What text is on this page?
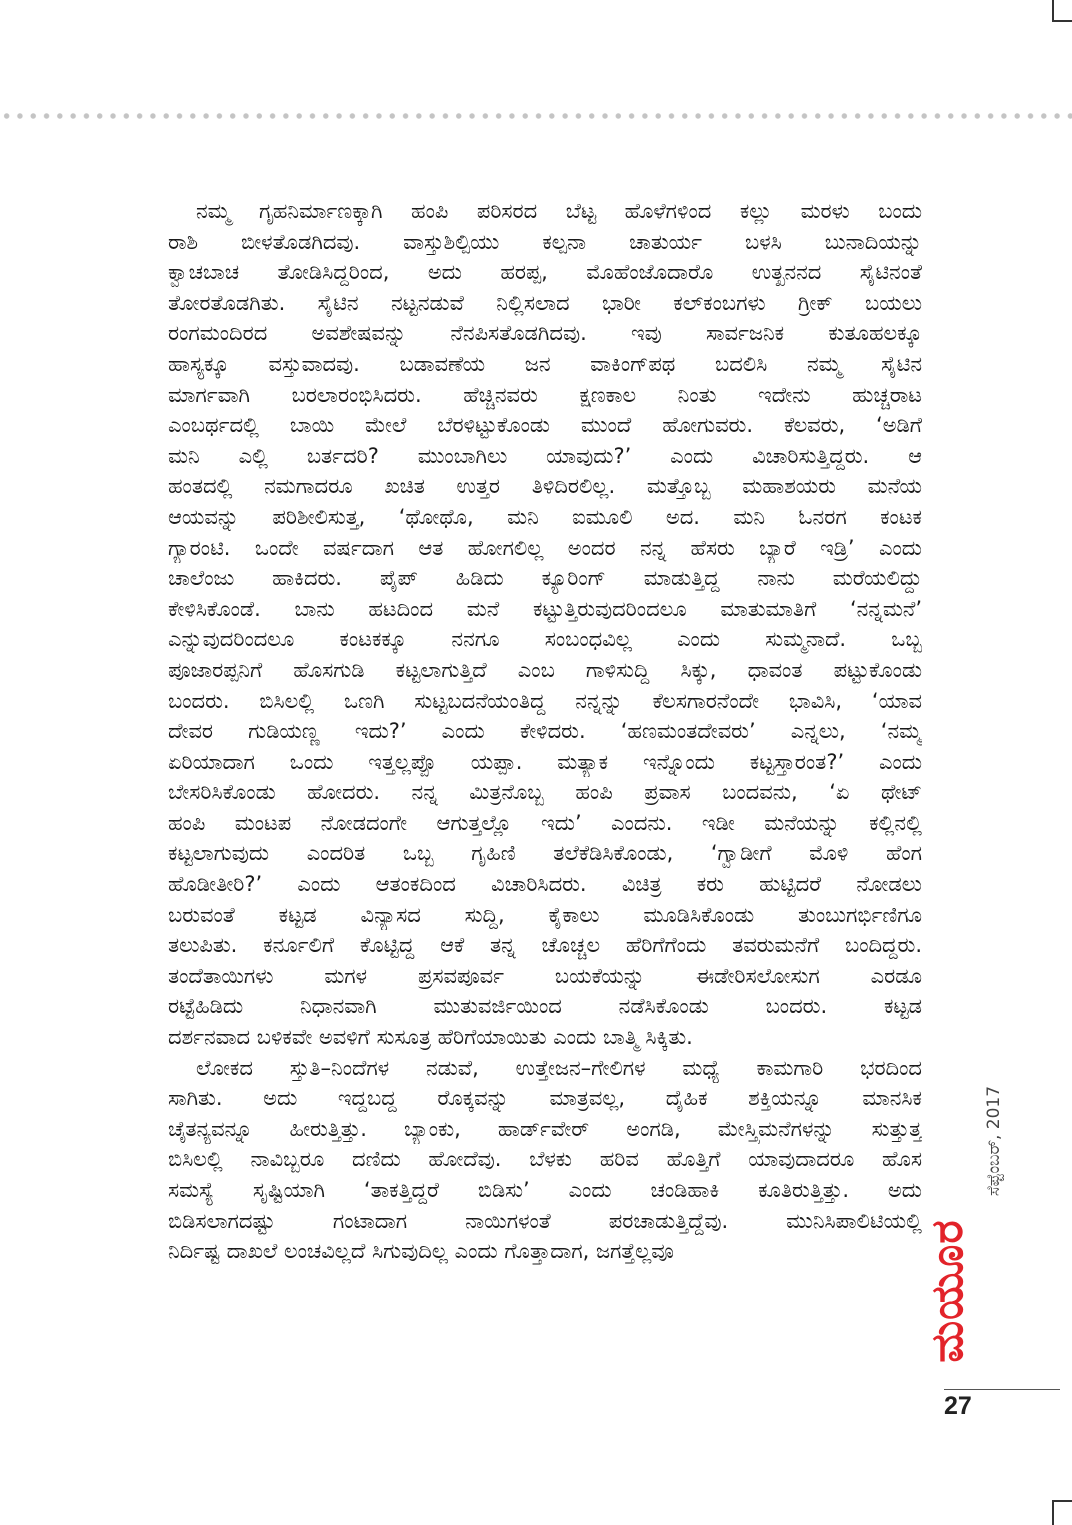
ನಮ್ಮ ಗೃಹನಿರ್ಮಾಣಕ್ಕಾಗಿ ಹಂಪಿ ಪರಿಸರದ ಬೆಟ್ಟ ಹೊಳೆಗಳಿಂದ ಕಲ್ಲು ಮರಳು ಬಂದು
ರಾಶಿ ಬೀಳತೊಡಗಿದವು. ವಾಸ್ತುಶಿಲ್ಪಿಯು ಕಲ್ಪನಾ ಚಾತುರ್ಯ ಬಳಸಿ ಬುನಾದಿಯನ್ನು
ಕ್ವಾಚಬಾಚ ತೋಡಿಸಿದ್ದರಿಂದ, ಅದು ಹರಪ್ಪ, ಮೊಹೆಂಜೊದಾರೊ ಉತ್ಖನನದ ಸೈಟಿನಂತೆ
ತೋರತೊಡಗಿತು. ಸೈಟಿನ ನಟ್ಟನಡುವೆ ನಿಲ್ಲಿಸಲಾದ ಭಾರೀ ಕಲ್‌ಕಂಬಗಳು ಗ್ರೀಕ್ ಬಯಲು
ರಂಗಮಂದಿರದ ಅವಶೇಷವನ್ನು ನೆನಪಿಸತೊಡಗಿದವು. ಇವು ಸಾರ್ವಜನಿಕ ಕುತೂಹಲಕ್ಕೂ
ಹಾಸ್ಯಕ್ಕೂ ವಸ್ತುವಾದವು. ಬಡಾವಣೆಯ ಜನ ವಾಕಿಂಗ್‌ಪಥ ಬದಲಿಸಿ ನಮ್ಮ ಸೈಟಿನ
ಮಾರ್ಗವಾಗಿ ಬರಲಾರಂಭಿಸಿದರು. ಹೆಚ್ಚಿನವರು ಕ್ಷಣಕಾಲ ನಿಂತು ಇದೇನು ಹುಚ್ಚರಾಟ
ಎಂಬರ್ಥದಲ್ಲಿ ಬಾಯಿ ಮೇಲೆ ಬೆರಳಿಟ್ಟುಕೊಂಡು ಮುಂದೆ ಹೋಗುವರು. ಕೆಲವರು, ‘ಅಡಿಗೆ
ಮನಿ ಎಲ್ಲಿ ಬರ್ತದರಿ? ಮುಂಬಾಗಿಲು ಯಾವುದು?’ ಎಂದು ವಿಚಾರಿಸುತ್ತಿದ್ದರು. ಆ
ಹಂತದಲ್ಲಿ ನಮಗಾದರೂ ಖಚಿತ ಉತ್ತರ ತಿಳಿದಿರಲಿಲ್ಲ. ಮತ್ತೊಬ್ಬ ಮಹಾಶಯರು ಮನೆಯ
ಆಯವನ್ನು ಪರಿಶೀಲಿಸುತ್ತ, ‘ಥೋಥೊ, ಮನಿ ಐಮೂಲಿ ಅದ. ಮನಿ ಓನರಗ ಕಂಟಕ
ಗ್ಯಾರಂಟಿ. ಒಂದೇ ವರ್ಷದಾಗ ಆತ ಹೋಗಲಿಲ್ಲ ಅಂದರ ನನ್ನ ಹೆಸರು ಬ್ಯಾರೆ ಇಡ್ರಿ’ ಎಂದು
ಚಾಲೆಂಜು ಹಾಕಿದರು. ಪೈಪ್ ಹಿಡಿದು ಕ್ಯೂರಿಂಗ್ ಮಾಡುತ್ತಿದ್ದ ನಾನು ಮರೆಯಲಿದ್ದು
ಕೇಳಿಸಿಕೊಂಡೆ. ಬಾನು ಹಟದಿಂದ ಮನೆ ಕಟ್ಟುತ್ತಿರುವುದರಿಂದಲೂ ಮಾತುಮಾತಿಗೆ ‘ನನ್ನಮನೆ’
ಎನ್ನುವುದರಿಂದಲೂ ಕಂಟಕಕ್ಕೂ ನನಗೂ ಸಂಬಂಧವಿಲ್ಲ ಎಂದು ಸುಮ್ಮನಾದೆ. ಒಬ್ಬ
ಪೂಜಾರಪ್ಪನಿಗೆ ಹೊಸಗುಡಿ ಕಟ್ಟಲಾಗುತ್ತಿದೆ ಎಂಬ ಗಾಳಿಸುದ್ದಿ ಸಿಕ್ಕು, ಧಾವಂತ ಪಟ್ಟುಕೊಂಡು
ಬಂದರು. ಬಿಸಿಲಲ್ಲಿ ಒಣಗಿ ಸುಟ್ಟಬದನೆಯಂತಿದ್ದ ನನ್ನನ್ನು ಕೆಲಸಗಾರನೆಂದೇ ಭಾವಿಸಿ, ‘ಯಾವ
ದೇವರ ಗುಡಿಯಣ್ಣ ಇದು?’ ಎಂದು ಕೇಳಿದರು. ‘ಹಣಮಂತದೇವರು’ ಎನ್ನಲು, ‘ನಮ್ಮ
ಏರಿಯಾದಾಗ ಒಂದು ಇತ್ತಲ್ಲಪ್ಪೊ ಯಪ್ಪಾ. ಮತ್ಯಾಕ ಇನ್ನೊಂದು ಕಟ್ಟಸ್ತಾರಂತ?’ ಎಂದು
ಬೇಸರಿಸಿಕೊಂಡು ಹೋದರು. ನನ್ನ ಮಿತ್ರನೊಬ್ಬ ಹಂಪಿ ಪ್ರವಾಸ ಬಂದವನು, ‘ಏ ಥೇಟ್
ಹಂಪಿ ಮಂಟಪ ನೋಡದಂಗೇ ಆಗುತ್ತಲ್ಲೊ ಇದು’ ಎಂದನು. ಇಡೀ ಮನೆಯನ್ನು ಕಲ್ಲಿನಲ್ಲಿ
ಕಟ್ಟಲಾಗುವುದು ಎಂದರಿತ ಒಬ್ಬ ಗೃಹಿಣಿ ತಲೆಕೆಡಿಸಿಕೊಂಡು, ‘ಗ್ವಾಡೀಗೆ ಮೊಳಿ ಹೆಂಗ
ಹೊಡೀತೀರಿ?’ ಎಂದು ಆತಂಕದಿಂದ ವಿಚಾರಿಸಿದರು. ವಿಚಿತ್ರ ಕರು ಹುಟ್ಟಿದರೆ ನೋಡಲು
ಬರುವಂತೆ ಕಟ್ಟಡ ವಿನ್ಯಾಸದ ಸುದ್ದಿ, ಕೈಕಾಲು ಮೂಡಿಸಿಕೊಂಡು ತುಂಬುಗರ್ಭಿಣಿಗೂ
ತಲುಪಿತು. ಕರ್ನೂಲಿಗೆ ಕೊಟ್ಟಿದ್ದ ಆಕೆ ತನ್ನ ಚೊಚ್ಚಲ ಹೆರಿಗೆಗೆಂದು ತವರುಮನೆಗೆ ಬಂದಿದ್ದರು.
ತಂದೆತಾಯಿಗಳು ಮಗಳ ಪ್ರಸವಪೂರ್ವ ಬಯಕೆಯನ್ನು ಈಡೇರಿಸಲೋಸುಗ ಎರಡೂ
ರಟ್ಟೆಹಿಡಿದು ನಿಧಾನವಾಗಿ ಮುತುವರ್ಜಿಯಿಂದ ನಡೆಸಿಕೊಂಡು ಬಂದರು. ಕಟ್ಟಡ
ದರ್ಶನವಾದ ಬಳಿಕವೇ ಅವಳಿಗೆ ಸುಸೂತ್ರ ಹೆರಿಗೆಯಾಯಿತು ಎಂದು ಬಾತ್ಮಿ ಸಿಕ್ಕಿತು.
ಲೋಕದ ಸ್ತುತಿ–ನಿಂದೆಗಳ ನಡುವೆ, ಉತ್ತೇಜನ–ಗೇಲಿಗಳ ಮಧ್ಯೆ ಕಾಮಗಾರಿ ಭರದಿಂದ
ಸಾಗಿತು. ಅದು ಇದ್ದಬದ್ದ ರೊಕ್ಕವನ್ನು ಮಾತ್ರವಲ್ಲ, ದೈಹಿಕ ಶಕ್ತಿಯನ್ನೂ ಮಾನಸಿಕ
ಚೈತನ್ಯವನ್ನೂ ಹೀರುತ್ತಿತ್ತು. ಬ್ಯಾಂಕು, ಹಾರ್ಡ್‌ವೇರ್ ಅಂಗಡಿ, ಮೇಸ್ತ್ರಿಮನೆಗಳನ್ನು ಸುತ್ತುತ್ತ
ಬಿಸಿಲಲ್ಲಿ ನಾವಿಬ್ಬರೂ ದಣಿದು ಹೋದೆವು. ಬೆಳಕು ಹರಿವ ಹೊತ್ತಿಗೆ ಯಾವುದಾದರೂ ಹೊಸ
ಸಮಸ್ಯೆ ಸೃಷ್ಟಿಯಾಗಿ ‘ತಾಕತ್ತಿದ್ದರೆ ಬಿಡಿಸು’ ಎಂದು ಚಂಡಿಹಾಕಿ ಕೂತಿರುತ್ತಿತ್ತು. ಅದು
ಬಿಡಿಸಲಾಗದಷ್ಟು ಗಂಟಾದಾಗ ನಾಯಿಗಳಂತೆ ಪರಚಾಡುತ್ತಿದ್ದೆವು. ಮುನಿಸಿಪಾಲಿಟಿಯಲ್ಲಿ
ನಿರ್ದಿಷ್ಟ ದಾಖಲೆ ಲಂಚವಿಲ್ಲದೆ ಸಿಗುವುದಿಲ್ಲ ಎಂದು ಗೊತ್ತಾದಾಗ, ಜಗತ್ತೆಲ್ಲವೂ
ಸೆಪ್ಟೆಂಬರ್, 2017
ಮಯೂರ
27
